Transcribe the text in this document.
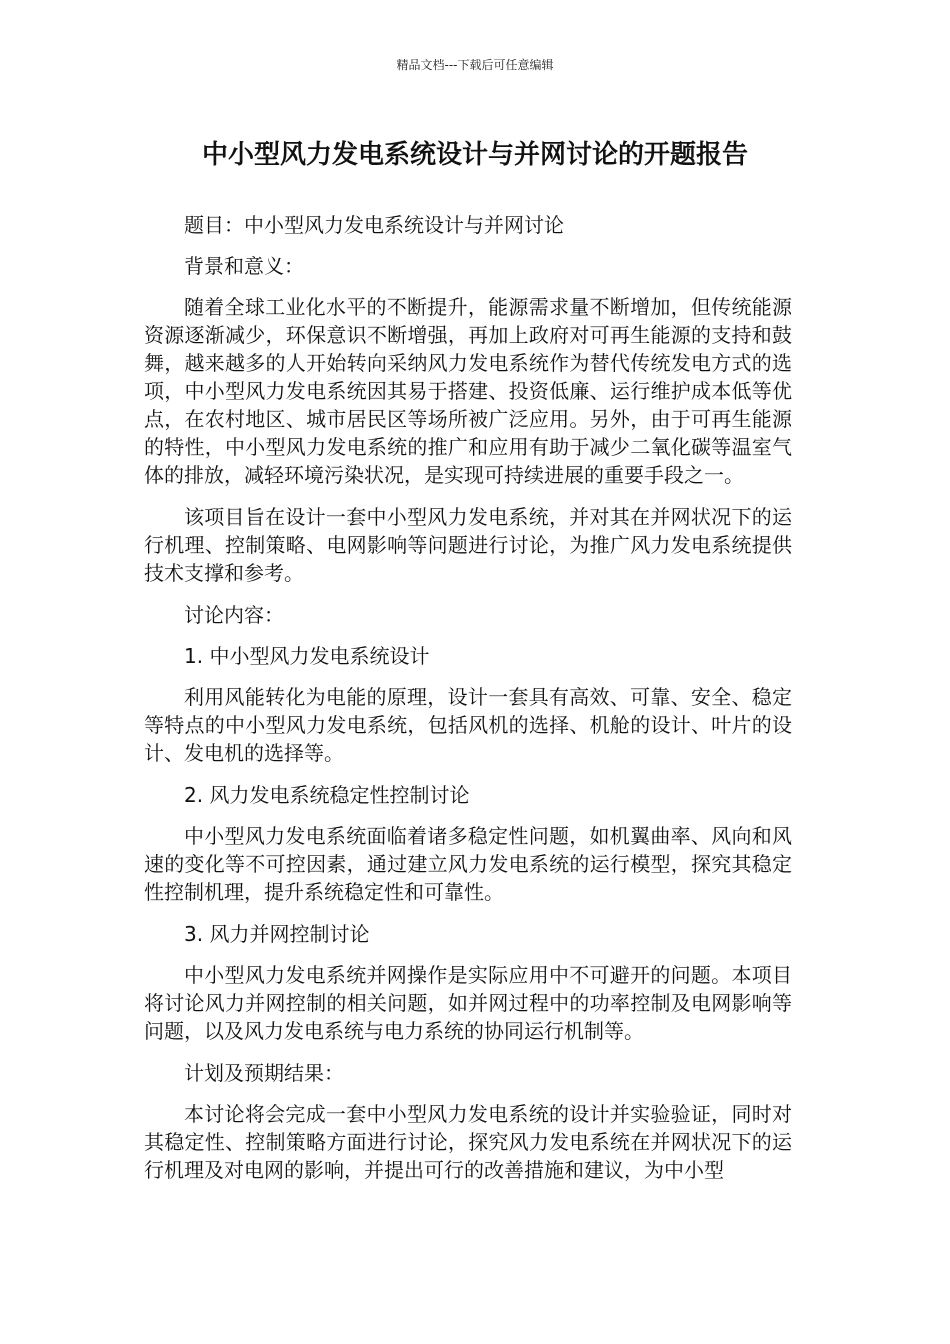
精品文档---下载后可任意编辑
中小型风力发电系统设计与并网讨论的开题报告

题目：中小型风力发电系统设计与并网讨论

背景和意义：

随着全球工业化水平的不断提升，能源需求量不断增加，但传统能源资源逐渐减少，环保意识不断增强，再加上政府对可再生能源的支持和鼓舞，越来越多的人开始转向采纳风力发电系统作为替代传统发电方式的选项，中小型风力发电系统因其易于搭建、投资低廉、运行维护成本低等优点，在农村地区、城市居民区等场所被广泛应用。另外，由于可再生能源的特性，中小型风力发电系统的推广和应用有助于减少二氧化碳等温室气体的排放，减轻环境污染状况，是实现可持续进展的重要手段之一。

该项目旨在设计一套中小型风力发电系统，并对其在并网状况下的运行机理、控制策略、电网影响等问题进行讨论，为推广风力发电系统提供技术支撑和参考。

讨论内容：

1. 中小型风力发电系统设计

利用风能转化为电能的原理，设计一套具有高效、可靠、安全、稳定等特点的中小型风力发电系统，包括风机的选择、机舱的设计、叶片的设计、发电机的选择等。

2. 风力发电系统稳定性控制讨论

中小型风力发电系统面临着诸多稳定性问题，如机翼曲率、风向和风速的变化等不可控因素，通过建立风力发电系统的运行模型，探究其稳定性控制机理，提升系统稳定性和可靠性。

3. 风力并网控制讨论

中小型风力发电系统并网操作是实际应用中不可避开的问题。本项目将讨论风力并网控制的相关问题，如并网过程中的功率控制及电网影响等问题，以及风力发电系统与电力系统的协同运行机制等。

计划及预期结果：

本讨论将会完成一套中小型风力发电系统的设计并实验验证，同时对其稳定性、控制策略方面进行讨论，探究风力发电系统在并网状况下的运行机理及对电网的影响，并提出可行的改善措施和建议，为中小型
